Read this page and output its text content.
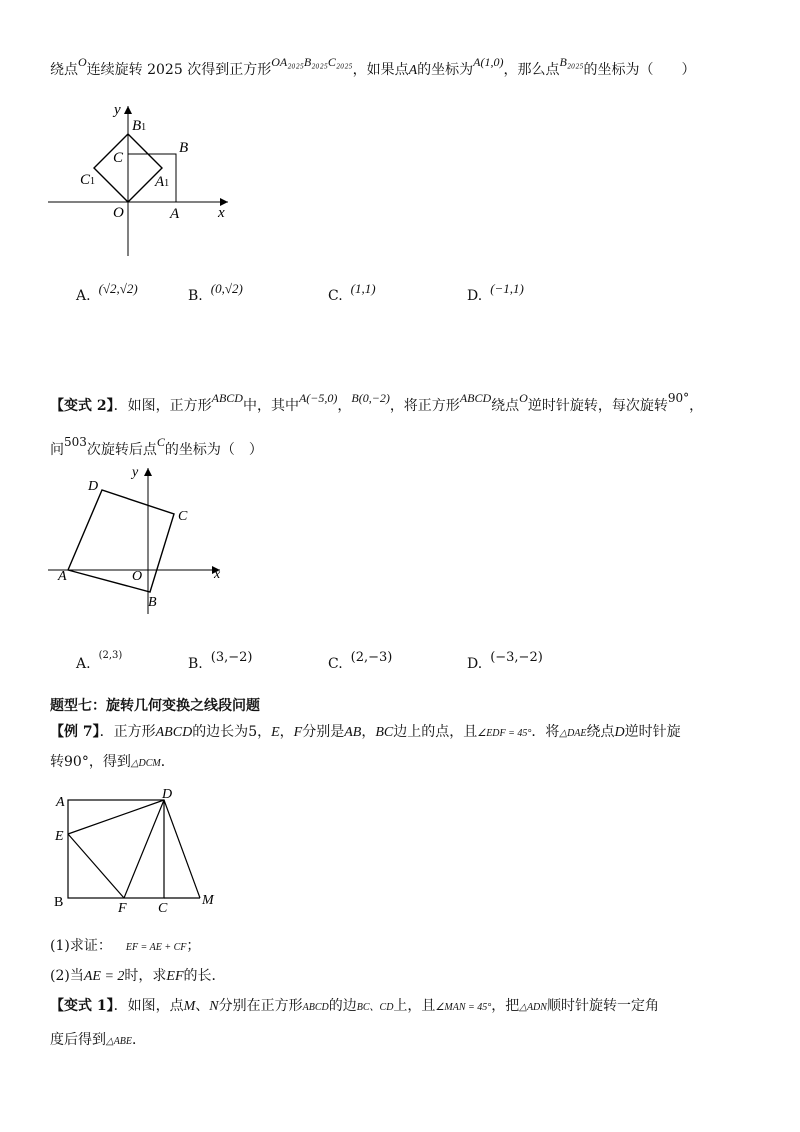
绕点O连续旋转 2025 次得到正方形OA₂₀₂₅B₂₀₂₅C₂₀₂₅，如果点A的坐标为A(1,0)，那么点B₂₀₂₅的坐标为（　　）
y
x
B1
B
C
C1	A1
O	A
A. (√2,√2)	B. (0,√2)	C. (1,1)	D. (−1,1)
【变式 2】．如图，正方形ABCD中，其中A(−5,0)，B(0,−2)，将正方形ABCD绕点O逆时针旋转，每次旋转90°，
问503次旋转后点C的坐标为（　）
y
x
D
C
A	O
B
A.$^{(2,3)}$
B. (3,−2)	C. (2,−3)	D. (−3,−2)
题型七：旋转几何变换之线段问题
【例 7】．正方形ABCD的边长为5，E，F分别是AB，BC边上的点，且∠EDF = 45°．将△DAE绕点D逆时针旋
转90°，得到△DCM．
A
D
E
B	F C
M
(1)求证： EF = AE + CF；
(2)当AE = 2时，求EF的长．
【变式 1】．如图，点M、N分别在正方形ABCD的边BC、CD上，且∠MAN = 45°，把△ADN顺时针旋转一定角
度后得到△ABE．
